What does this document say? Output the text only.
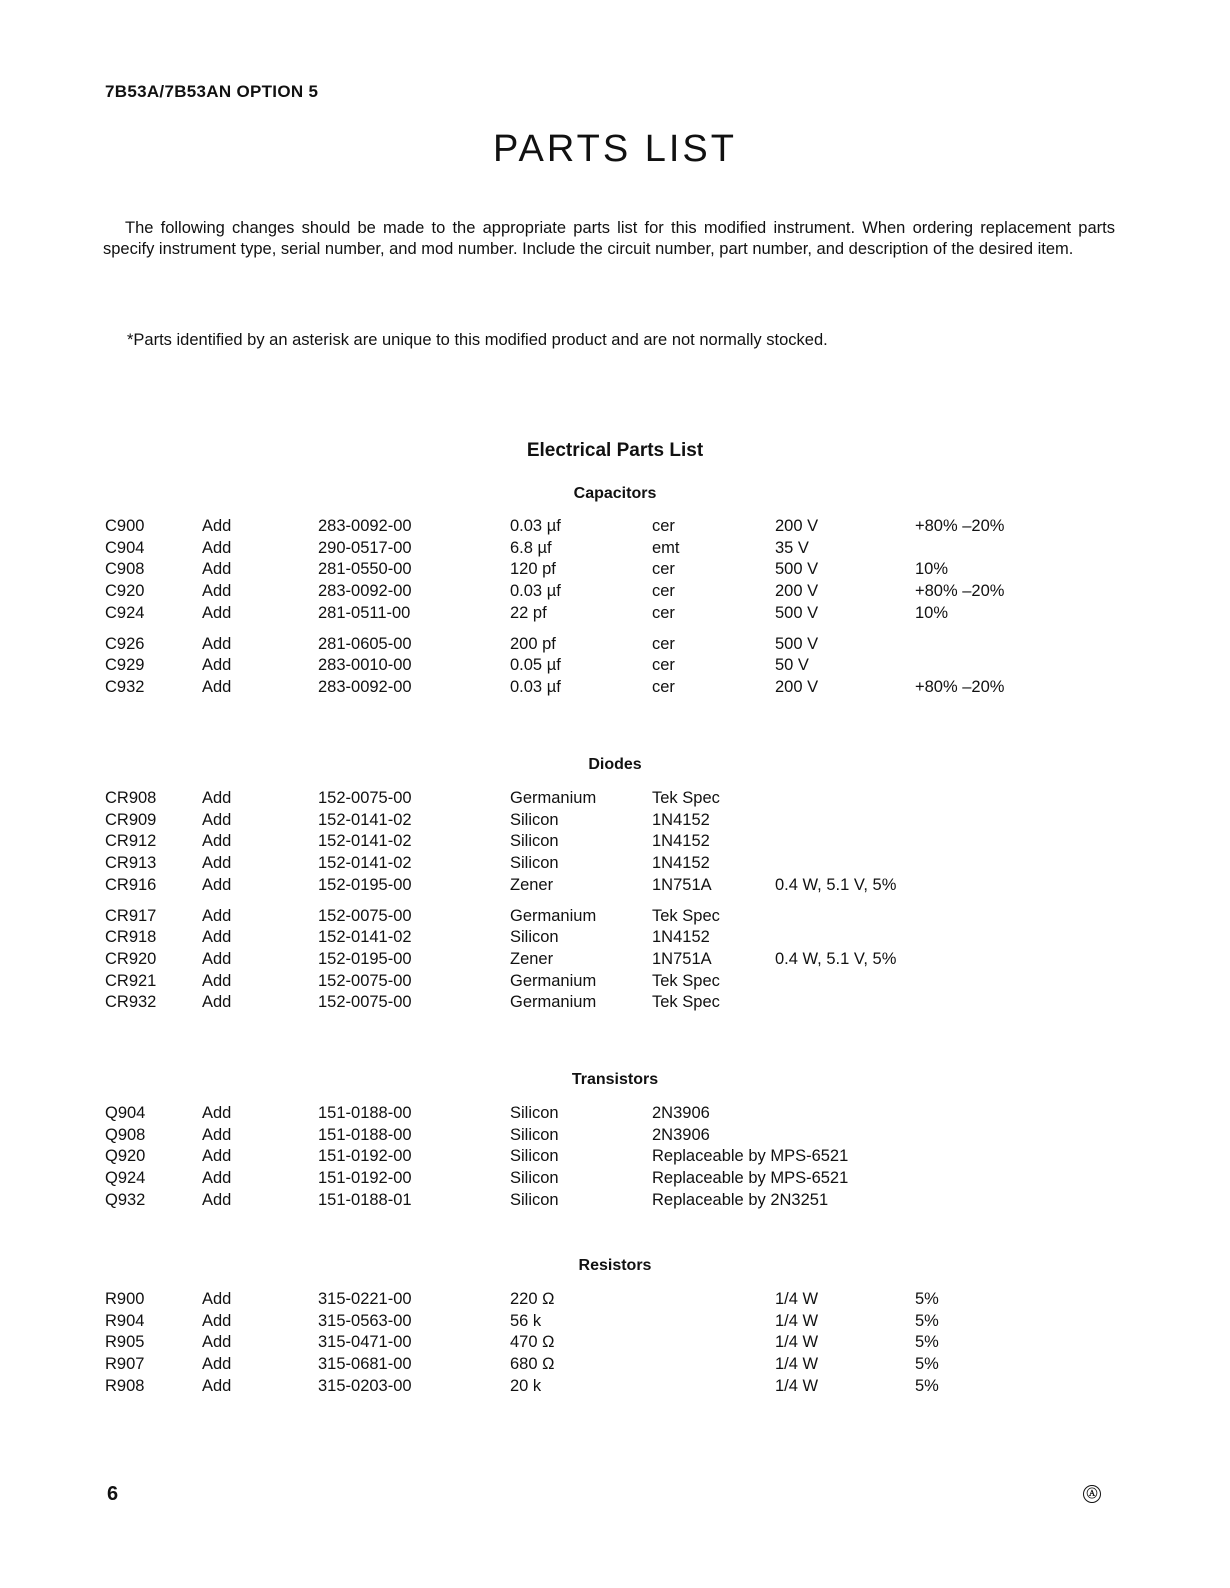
7B53A/7B53AN OPTION 5
PARTS LIST
The following changes should be made to the appropriate parts list for this modified instrument. When ordering replacement parts specify instrument type, serial number, and mod number. Include the circuit number, part number, and description of the desired item.
*Parts identified by an asterisk are unique to this modified product and are not normally stocked.
Electrical Parts List
Capacitors
C900	Add	283-0092-00	0.03 µf	cer	200 V	+80% –20%
C904	Add	290-0517-00	6.8 µf	emt	35 V
C908	Add	281-0550-00	120 pf	cer	500 V	10%
C920	Add	283-0092-00	0.03 µf	cer	200 V	+80% –20%
C924	Add	281-0511-00	22 pf	cer	500 V	10%
C926	Add	281-0605-00	200 pf	cer	500 V
C929	Add	283-0010-00	0.05 µf	cer	50 V
C932	Add	283-0092-00	0.03 µf	cer	200 V	+80% –20%
Diodes
CR908	Add	152-0075-00	Germanium	Tek Spec
CR909	Add	152-0141-02	Silicon	1N4152
CR912	Add	152-0141-02	Silicon	1N4152
CR913	Add	152-0141-02	Silicon	1N4152
CR916	Add	152-0195-00	Zener	1N751A	0.4 W, 5.1 V, 5%
CR917	Add	152-0075-00	Germanium	Tek Spec
CR918	Add	152-0141-02	Silicon	1N4152
CR920	Add	152-0195-00	Zener	1N751A	0.4 W, 5.1 V, 5%
CR921	Add	152-0075-00	Germanium	Tek Spec
CR932	Add	152-0075-00	Germanium	Tek Spec
Transistors
Q904	Add	151-0188-00	Silicon	2N3906
Q908	Add	151-0188-00	Silicon	2N3906
Q920	Add	151-0192-00	Silicon	Replaceable by MPS-6521
Q924	Add	151-0192-00	Silicon	Replaceable by MPS-6521
Q932	Add	151-0188-01	Silicon	Replaceable by 2N3251
Resistors
R900	Add	315-0221-00	220 Ω	1/4 W	5%
R904	Add	315-0563-00	56 k	1/4 W	5%
R905	Add	315-0471-00	470 Ω	1/4 W	5%
R907	Add	315-0681-00	680 Ω	1/4 W	5%
R908	Add	315-0203-00	20 k	1/4 W	5%
6	Ⓐ
